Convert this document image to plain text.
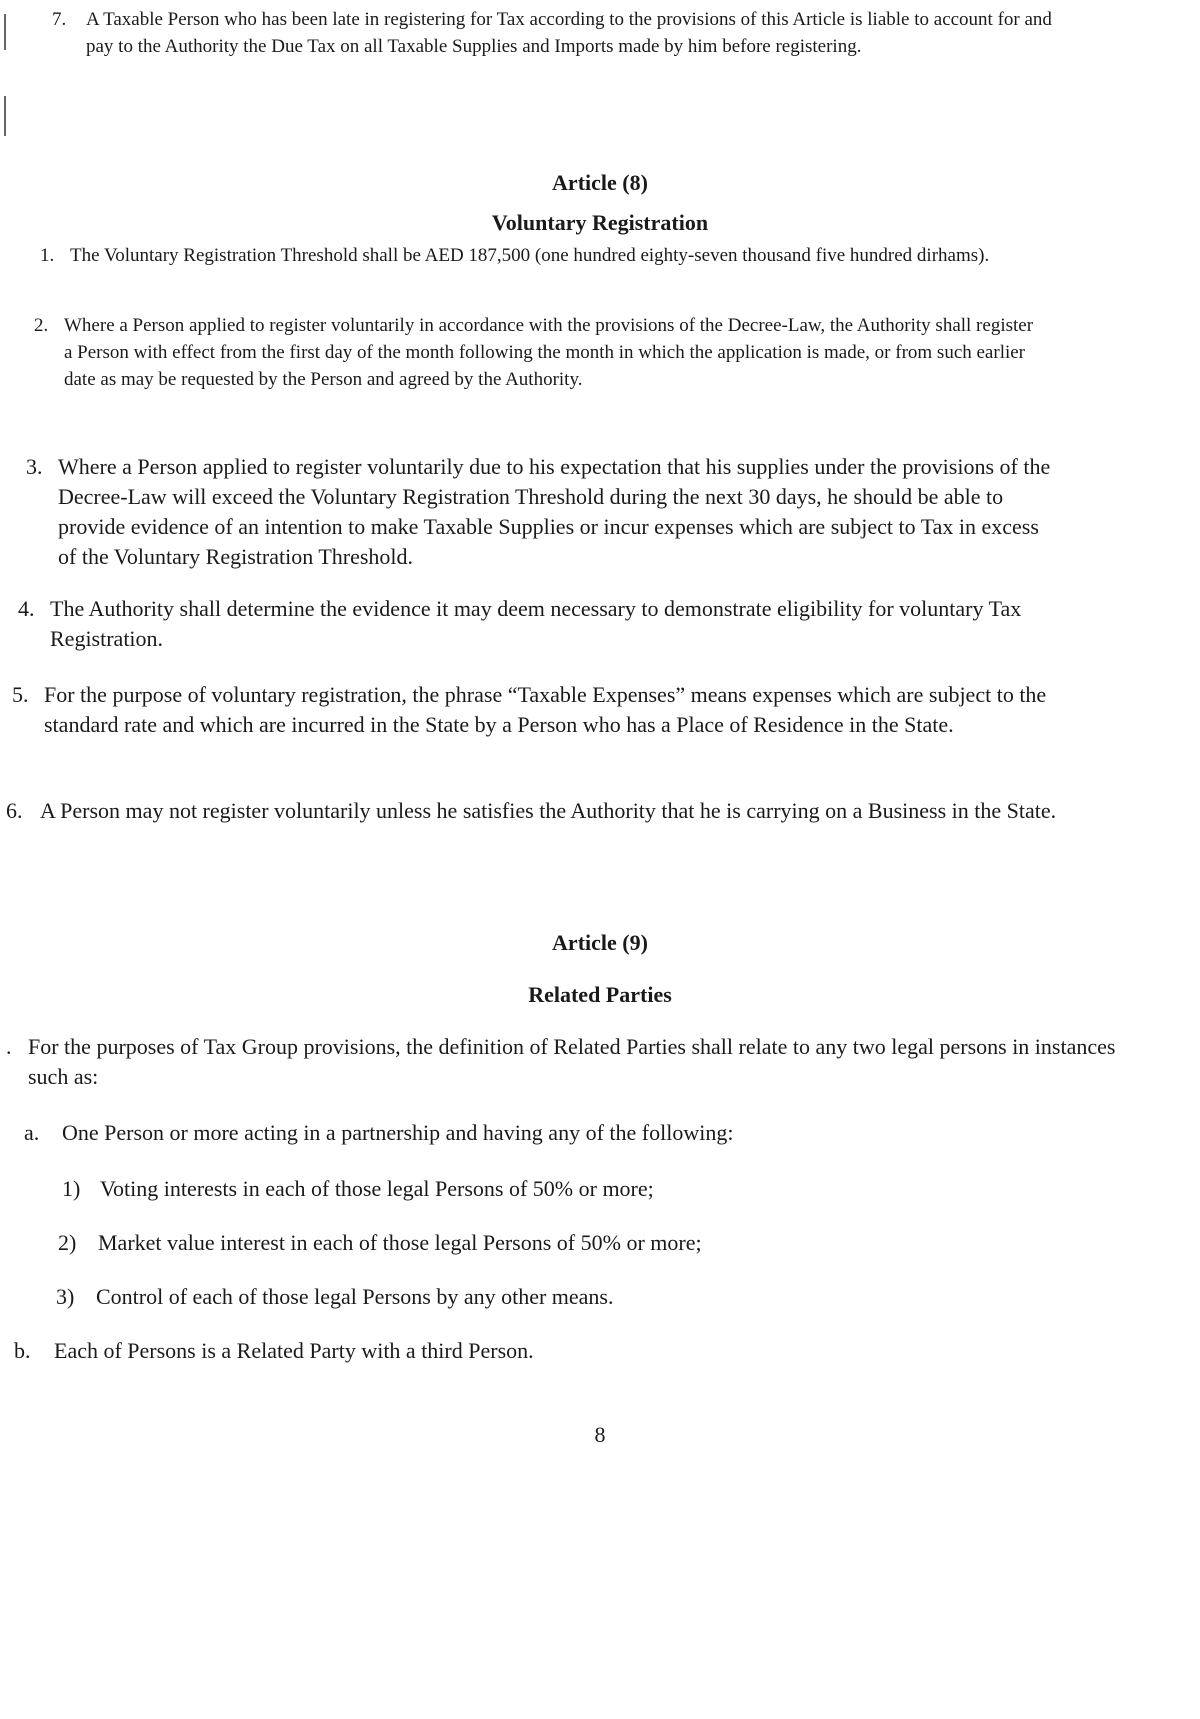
7. A Taxable Person who has been late in registering for Tax according to the provisions of this Article is liable to account for and pay to the Authority the Due Tax on all Taxable Supplies and Imports made by him before registering.
Article (8)
Voluntary Registration
1. The Voluntary Registration Threshold shall be AED 187,500 (one hundred eighty-seven thousand five hundred dirhams).
2. Where a Person applied to register voluntarily in accordance with the provisions of the Decree-Law, the Authority shall register a Person with effect from the first day of the month following the month in which the application is made, or from such earlier date as may be requested by the Person and agreed by the Authority.
3. Where a Person applied to register voluntarily due to his expectation that his supplies under the provisions of the Decree-Law will exceed the Voluntary Registration Threshold during the next 30 days, he should be able to provide evidence of an intention to make Taxable Supplies or incur expenses which are subject to Tax in excess of the Voluntary Registration Threshold.
4. The Authority shall determine the evidence it may deem necessary to demonstrate eligibility for voluntary Tax Registration.
5. For the purpose of voluntary registration, the phrase “Taxable Expenses” means expenses which are subject to the standard rate and which are incurred in the State by a Person who has a Place of Residence in the State.
6. A Person may not register voluntarily unless he satisfies the Authority that he is carrying on a Business in the State.
Article (9)
Related Parties
. For the purposes of Tax Group provisions, the definition of Related Parties shall relate to any two legal persons in instances such as:
a. One Person or more acting in a partnership and having any of the following:
1) Voting interests in each of those legal Persons of 50% or more;
2) Market value interest in each of those legal Persons of 50% or more;
3) Control of each of those legal Persons by any other means.
b. Each of Persons is a Related Party with a third Person.
8
